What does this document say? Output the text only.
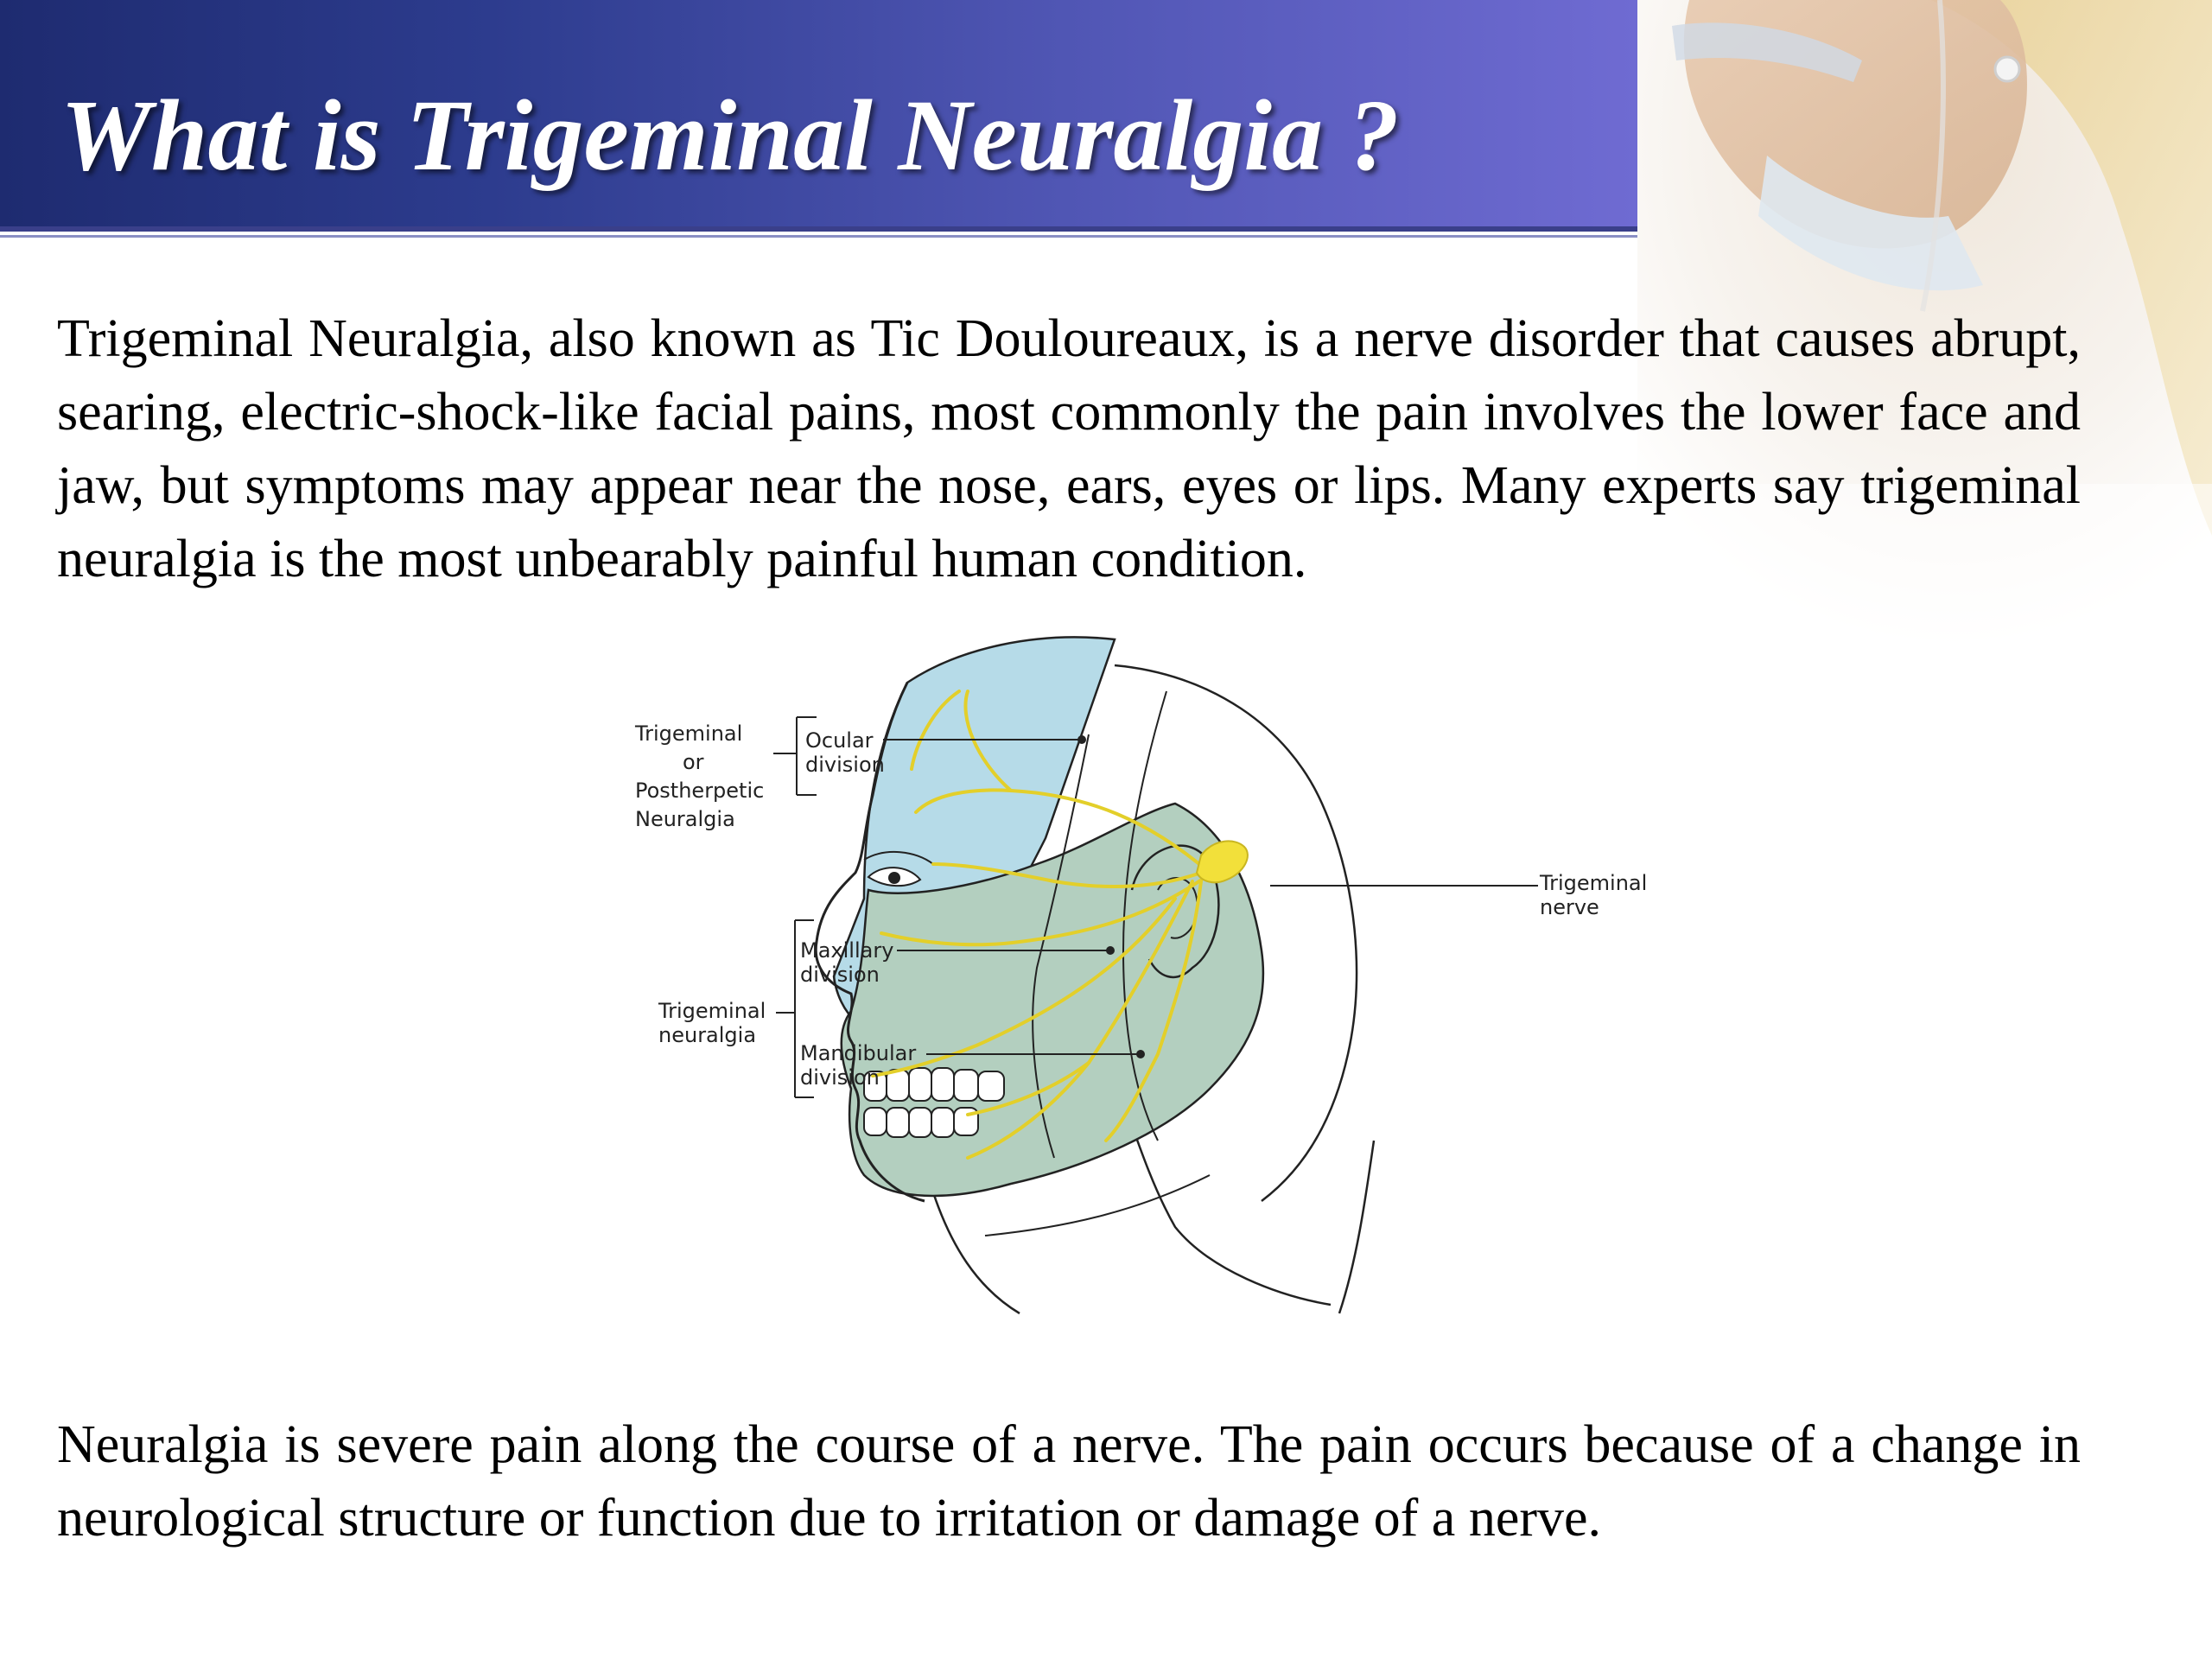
What is Trigeminal Neuralgia ?

Trigeminal Neuralgia, also known as Tic Douloureaux, is a nerve disorder that causes abrupt, searing, electric-shock-like facial pains, most commonly the pain involves the lower face and jaw, but symptoms may appear near the nose, ears, eyes or lips. Many experts say trigeminal neuralgia is the most unbearably painful human condition.

Trigeminal
or
Postherpetic
Neuralgia
Trigeminal
neuralgia
Ocular
division
Maxillary
division
Mandibular
division
Trigeminal
nerve

Neuralgia is severe pain along the course of a nerve. The pain occurs because of a change in neurological structure or function due to irritation or damage of a nerve.
